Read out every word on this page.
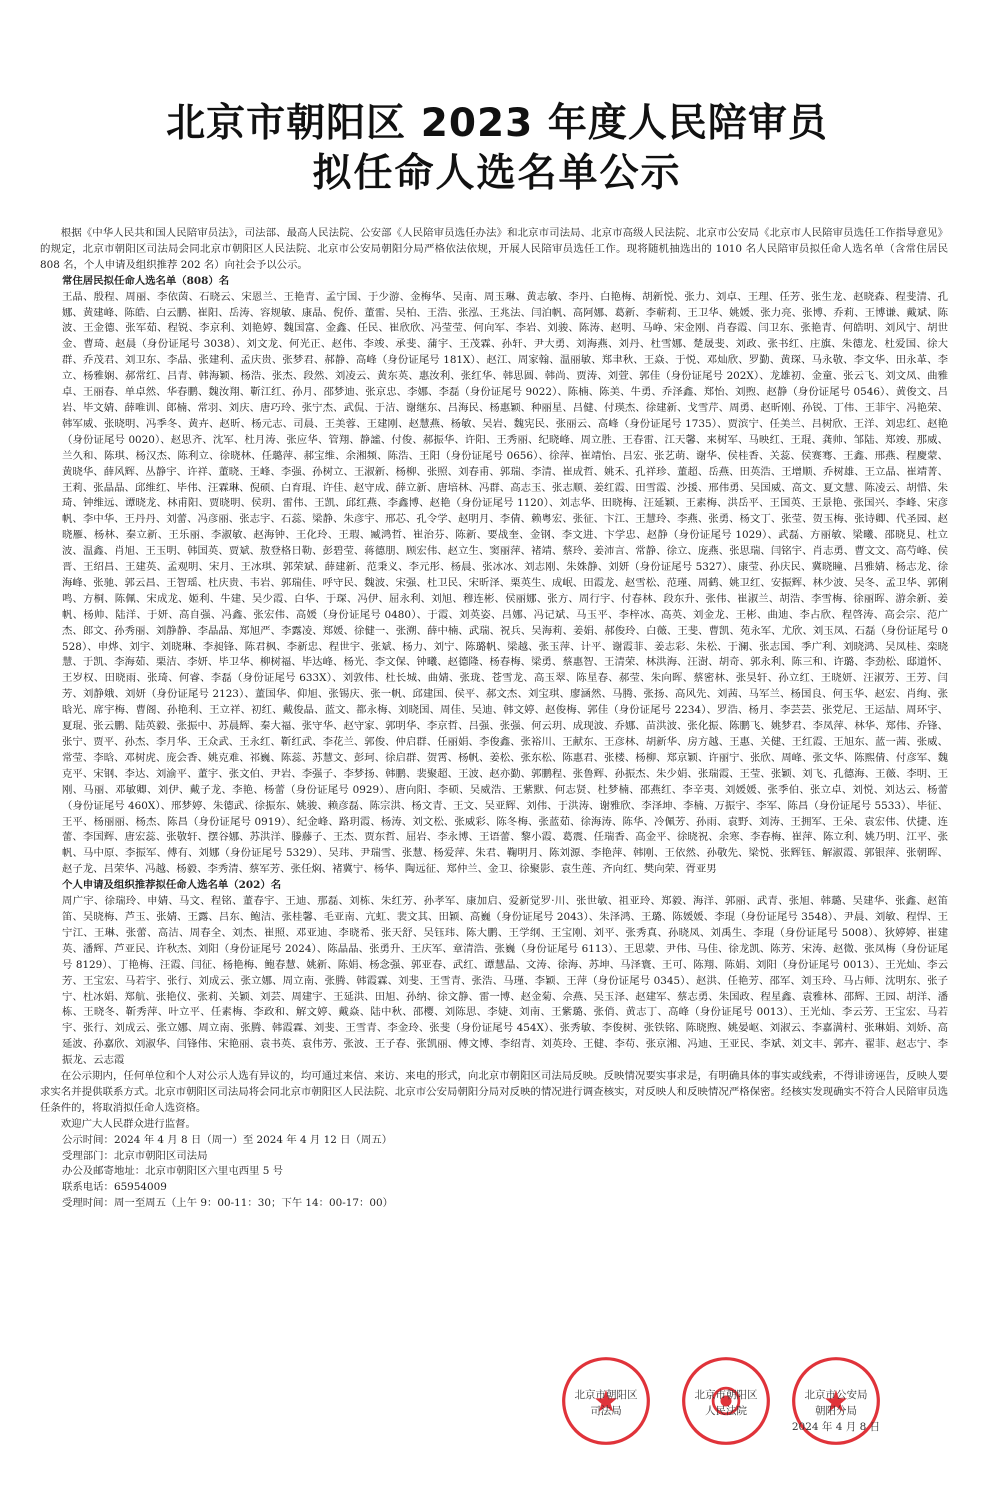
北京市朝阳区 2023 年度人民陪审员
拟任命人选名单公示

根据《中华人民共和国人民陪审员法》，司法部、最高人民法院、公安部《人民陪审员选任办法》和北京市司法局、北京市高级人民法院、北京市公安局《北京市人民陪审员选任工作指导意见》的规定，北京市朝阳区司法局会同北京市朝阳区人民法院、北京市公安局朝阳分局严格依法依规，开展人民陪审员选任工作。现将随机抽选出的 1010 名人民陪审员拟任命人选名单（含常住居民 808 名，个人申请及组织推荐 202 名）向社会予以公示。

常住居民拟任命人选名单（808）名

王晶、殷程、周丽、李依茵、石晓云、宋恩兰、王艳青、孟宁国、于少游、金梅华、吴南、周玉琳、黄志敏、李丹、白艳梅、胡新悦、张力、刘卓、王理、任芳、张生龙、赵晓森、程斐清、孔娜、黄建峰、陈皓、白云鹏、崔阳、岳涛、容规敏、康晶、倪侨、董雷、吴柏、王浩、张泓、王兆法、闫泊帆、高阿娜、葛新、李蕲莉、王卫华、姚媛、张力亮、张博、乔莉、王博谦、戴斌、陈波、王金德、张军茹、程锐、李京利、刘艳婷、魏国富、金鑫、任民、崔欣欣、冯莹莹、何向军、李岩、刘骏、陈涛、赵明、马峥、宋金刚、肖春霞、闫卫东、张艳青、何皓明、刘风宁、胡世金、曹琦、赵晨（身份证尾号 3038）、刘文龙、何光正、赵伟、李竣、承斐、蒲宇、王茂霖、孙轩、尹大勇、刘海燕、刘丹、杜雪娜、楚晟斐、刘政、张书红、庄旗、朱德龙、杜爱国、徐大群、乔茂君、刘卫东、李晶、张建利、孟庆贵、张梦君、郝静、高峰（身份证尾号 181X）、赵江、周家翰、温丽敏、郑聿秋、王焱、于悦、邓灿欣、罗勤、黄琛、马永敬、李文华、田永革、李立、杨雅娴、郝常红、吕青、韩海颖、杨浩、张杰、段然、刘凌云、黄东英、惠汝利、张红华、韩思圆、韩尚、贾涛、刘萱、郭佳（身份证尾号 202X）、龙雄初、金童、张云飞、刘文凤、曲雅卓、王丽春、单卓然、华春鹏、魏汝翔、靳江红、孙月、邵梦迪、张京忠、李娜、李磊（身份证尾号 9022）、陈楠、陈美、牛勇、乔泽鑫、郑怡、刘煦、赵静（身份证尾号 0546）、黄俊文、吕岩、毕文婧、薛唯训、郎楠、常羽、刘庆、唐巧玲、张宁杰、武侃、于洁、谢继东、吕海民、杨惠颖、种丽星、吕健、付瑛杰、徐建新、戈雪芹、周勇、赵昕刚、孙锐、丁伟、王菲宇、冯艳荣、韩军威、张晓明、冯季冬、黄卉、赵昕、杨元志、司晨、王美蓉、王建刚、赵慧燕、杨敏、吴岩、魏宪民、张丽云、高峰（身份证尾号 1735）、贾滨宁、任美兰、吕树欣、王洋、刘忠红、赵艳（身份证尾号 0020）、赵思齐、沈军、杜月涛、张应华、管翔、静謐、付俊、郝振华、许阳、王秀丽、纪晓峰、周立胜、王春雷、江天馨、来树军、马映红、王琨、龚帅、邹陆、郑竣、那威、兰久和、陈琪、杨汉杰、陈利立、徐晓林、任璐萍、郝宝维、余湘频、陈浩、王阳（身份证尾号 0656）、徐萍、崔靖怡、吕宏、张艺萌、谢华、侯桂香、关蕊、侯赛骞、王鑫、邢燕、程慶蒙、黄晓华、薛风辉、丛静宇、许祥、董晓、王峰、李强、孙树立、王淑新、杨柳、张照、刘春甫、郭瑞、李清、崔成哲、姚禾、孔祥珍、董超、岳燕、田英浩、王增顺、乔树雄、王立晶、崔靖菁、王莉、张晶晶、邱维红、毕伟、汪霖琳、倪硕、白育琨、许佳、赵守成、薛立新、唐培林、冯群、高志玉、张志顺、姜红霞、田雪霞、沙援、邢伟勇、吴国威、高文、夏文慧、陈凌云、胡惜、朱琦、钟维远、谭晓龙、林甫阳、贾晓明、侯玥、雷伟、王凯、邱红燕、李鑫博、赵艳（身份证尾号 1120）、刘志华、田晓梅、汪延颖、王素梅、洪岳平、王国英、王景艳、张国兴、李峰、宋彦帆、李中华、王丹丹、刘蕾、冯彦丽、张志宇、石蕊、梁静、朱彦宇、邢芯、孔令学、赵明月、李倩、赖粤宏、张征、卞江、王慧玲、李燕、张勇、杨文丁、张莹、贺玉梅、张诗卿、代圣园、赵晓雁、杨林、秦立新、王乐丽、李淑敏、赵海钟、王化玲、王瑕、臧鸿哲、崔治芬、陈新、要战奎、金钢、李文进、卞学忠、赵静（身份证尾号 1029）、武磊、方丽敏、梁曦、邵晓見、杜立波、温鑫、肖旭、王玉明、韩国英、贾斌、敖登格日勒、彭碧莹、蒋德朋、顾宏伟、赵立生、窦丽萍、褚靖、蔡玲、姜沛言、常静、徐立、庞燕、张思瑞、闫铭宇、肖志勇、曹文文、高芍峰、侯晋、王绍昌、王建英、孟观明、宋月、王冰琪、郭荣斌、薛建新、范秉义、李元彤、杨晨、张冰冰、刘志刚、朱姝静、刘妍（身份证尾号 5327）、康莹、孙庆民、冀晓瞳、吕雅婧、杨志龙、徐海峰、张驰、郭云昌、王智瑶、杜庆贵、韦岩、郭瑞佳、呼守民、魏波、宋强、杜卫民、宋昕泽、栗英生、成岷、田霞龙、赵雪松、范瑾、周鹤、姚卫红、安振辉、林少波、吴冬、孟卫华、郭俐鸣、方桐、陈佩、宋成龙、姬利、牛建、吴少霞、白华、于琛、冯伊、屈永利、刘旭、穆连彬、侯丽娜、张方、周行宇、付春林、段东升、张伟、崔淑兰、胡浩、李雪梅、徐丽晖、游余新、姜帆、杨帅、陆洋、于妍、高自强、冯鑫、张宏伟、高媛（身份证尾号 0480）、于霞、刘英姿、吕娜、冯记斌、马玉平、李梓冰、高英、刘金龙、王彬、曲迪、李占欣、程啓涛、高会宗、范广杰、郎文、孙秀丽、刘静静、李晶晶、郑旭严、李露凌、郑媛、徐健一、张溯、薛中楠、武瑞、祝兵、吴海莉、姜娟、郝俊玲、白薇、王斐、曹凯、苑永军、尤欣、刘玉凤、石磊（身份证尾号 0528）、申烨、刘宇、刘晓琳、李昶锋、陈君枫、李新忠、程世宇、张斌、杨力、刘宁、陈璐帆、梁越、张玉萍、计平、谢霞菲、姜志彩、朱松、于澜、张志国、季广利、刘晓鸿、吴凤桂、栾晓慧、于凯、李海茹、栗洁、李妍、毕卫华、柳树福、毕达峰、杨光、李文保、钟曦、赵德隆、杨春梅、梁勇、蔡惠智、王清荣、林洪海、汪澍、胡奇、郭永利、陈三和、许璐、李劲松、邸道怀、王岁权、田晓雨、张琦、何睿、李磊（身份证尾号 633X）、刘敦伟、杜长城、曲婧、张珑、苍雪龙、高玉翠、陈星春、郝莹、朱向晖、蔡密林、张昊轩、孙立红、王晓妍、汪淑芳、王芳、闫芳、刘静娥、刘妍（身份证尾号 2123）、董国华、仰旭、张锡庆、张一帆、邱建国、侯平、郝文杰、刘宝琪、廖涵然、马腾、张扬、高风先、刘茜、马军兰、杨国良、何玉华、赵宏、肖绚、张晗光、席宇梅、曹阁、孙艳利、王立祥、初红、戴俊晶、蓝文、都永梅、刘晓国、周佳、吴迪、韩文婷、赵俊梅、郭佳（身份证尾号 2234）、罗浩、杨月、李芸芸、张党尼、王运喆、周环宇、夏琨、张云鹏、陆英毅、张振中、苏晨辉、秦大福、张守华、赵守家、郭明华、李京哲、吕强、张强、何云玥、成现波、乔娜、苗洪波、张化振、陈鹏飞、姚梦君、李凤萍、林华、郑伟、乔锋、张宁、贾平、孙杰、李月华、王众武、王永红、靳红武、李花兰、郭俊、仲启群、任丽娟、李俊鑫、张裕川、王献东、王彦林、胡新华、房方越、王惠、关健、王红霞、王旭东、蓝一茜、张威、常莹、李晗、邓树虎、庞会香、姚克难、祁巍、陈蕊、苏慧文、彭珂、徐启群、贺霄、杨帆、姜松、张东松、陈惠君、张楼、杨柳、郑京颖、许丽宁、张欣、周峰、张文华、陈熙倩、付彦军、魏克平、宋钢、李达、刘渝平、董宇、张文伯、尹岩、李强子、李梦扬、韩鹏、裴聚超、王波、赵亦勤、郭鹏程、张鲁辉、孙振杰、朱少娟、张瑞霞、王莹、张颖、刘飞、孔德海、王薇、李明、王刚、马丽、邓敏卿、刘伊、戴子龙、李艳、杨蕾（身份证尾号 0929）、唐向阳、李硕、吴威浩、王紫默、何志贤、杜梦楠、邵燕红、李辛夷、刘媛媛、张季伯、张立卓、刘悦、刘达云、杨蕾（身份证尾号 460X）、邢梦婷、朱德武、徐振东、姚骏、赖彦磊、陈宗洪、杨文青、王文、吴亚辉、刘伟、于洪涛、谢雅欣、李泽坤、李楠、万振宇、李军、陈昌（身份证尾号 5533）、毕征、王平、杨丽丽、杨杰、陈昌（身份证尾号 0919）、纪金峰、路玥霞、杨涛、刘文松、张威彩、陈冬梅、张蓝茹、徐海涛、陈华、冷佩芳、孙雨、袁野、刘涛、王拥军、王朵、袁宏伟、伏捷、连蕾、李国辉、唐宏蕊、张敬轩、摆谷娜、苏洪洋、滕藤子、王杰、贾东哲、屈岩、李永博、王语蕾、黎小霞、葛震、任瑞香、高金平、徐晓祝、余寒、李春梅、崔萍、陈立利、姚乃明、江平、张帆、马中原、李振军、傅有、刘娜（身份证尾号 5329）、吴玮、尹瑞雪、张慧、杨爱萍、朱君、鞠明月、陈刘源、李艳萍、韩刚、王依然、孙敬先、梁悦、张辉钰、解淑霞、郭银萍、张朝晖、赵子龙、吕荣华、冯越、杨毅、李秀清、蔡军芳、张任焖、褚冀宁、杨华、陶远征、郑仲兰、金卫、徐聚影、袁生莲、齐向红、樊向荣、胥亚男

个人申请及组织推荐拟任命人选名单（202）名

周广宇、徐瑞玲、申婧、马文、程铭、董春宇、王迪、那磊、刘栋、朱红芳、孙孝军、康加启、爱新觉罗·川、张世敏、祖亚玲、郑毅、海洋、郭丽、武青、张旭、韩璐、吴建华、张鑫、赵笛笛、吴晓梅、芦玉、张婧、王露、吕东、鲍洁、张桂馨、毛亚南、亢虹、裴文其、田颖、高巍（身份证尾号 2043）、朱泽鸿、王璐、陈媛媛、李琨（身份证尾号 3548）、尹晨、刘敏、程悍、王宁江、王琳、张蕾、高洁、周春全、刘杰、崔照、邓亚迪、李晓希、张天舒、吴钰玮、陈大鹏、王学纲、王宝刚、刘平、张秀真、孙晓凤、刘禹生、李琨（身份证尾号 5008）、狄婷婷、崔建英、潘辉、芦亚民、许秋杰、刘阳（身份证尾号 2024）、陈晶晶、张勇升、王庆军、章清浩、张巍（身份证尾号 6113）、王思蒙、尹伟、马佳、徐龙凯、陈芳、宋涛、赵微、张凤梅（身份证尾号 8129）、丁艳梅、汪霞、闫征、杨艳梅、鲍春慧、姚新、陈娟、杨念强、郭亚春、武红、谭慧晶、文涛、徐海、苏坤、马泽寰、王可、陈翔、陈娟、刘阳（身份证尾号 0013）、王光灿、李云芳、王宝宏、马若宇、张行、刘成云、张立娜、周立南、张腾、韩霞霖、刘斐、王雪青、张浩、马瑾、李颖、王萍（身份证尾号 0345）、赵洪、任艳芳、邵军、刘玉玲、马占师、沈明东、张子宁、杜冰娟、郑航、张艳仪、张莉、关颖、刘芸、周建宇、王延洪、田旭、孙纳、徐文静、雷一博、赵金菊、佘燕、吴玉泽、赵建军、蔡志勇、朱国政、程星鑫、袁雅林、邵辉、王园、胡洋、潘栋、王晓冬、靳秀萍、叶立平、任素梅、李政和、解文婷、戴焱、陆中秋、邵樱、刘陈思、李婕、刘南、王紫璐、张俏、黄志丁、高峰（身份证尾号 0013）、王光灿、李云芳、王宝宏、马若宇、张行、刘成云、张立娜、周立南、张腾、韩霞霖、刘斐、王雪青、李金玲、张斐（身份证尾号 454X）、张秀敏、李俊树、张铁铭、陈晓煦、姚晏岖、刘淑云、李嘉满村、张琳娟、刘娇、高延波、孙嘉欣、刘淑华、闫锋伟、宋艳丽、袁书英、袁伟芳、张波、王子春、张凯丽、傅文博、李绍青、刘英玲、王健、李苟、张京湘、冯迪、王亚民、李斌、刘文丰、郭卉、翟菲、赵志宁、李振龙、云志霞

在公示期内，任何单位和个人对公示人选有异议的，均可通过来信、来访、来电的形式，向北京市朝阳区司法局反映。反映情况要实事求是，有明确具体的事实或线索，不得诽谤诬告，反映人要求实名并提供联系方式。北京市朝阳区司法局将会同北京市朝阳区人民法院、北京市公安局朝阳分局对反映的情况进行调查核实，对反映人和反映情况严格保密。经核实发现确实不符合人民陪审员选任条件的，将取消拟任命人选资格。

欢迎广大人民群众进行监督。

公示时间：2024 年 4 月 8 日（周一）至 2024 年 4 月 12 日（周五）

受理部门：北京市朝阳区司法局

办公及邮寄地址：北京市朝阳区六里屯西里 5 号

联系电话：65954009

受理时间：周一至周五（上午 9：00-11：30；下午 14：00-17：00）

北京市朝阳区
司法局
北京市朝阳区
人民法院
北京市公安局
朝阳分局
2024 年 4 月 8 日
